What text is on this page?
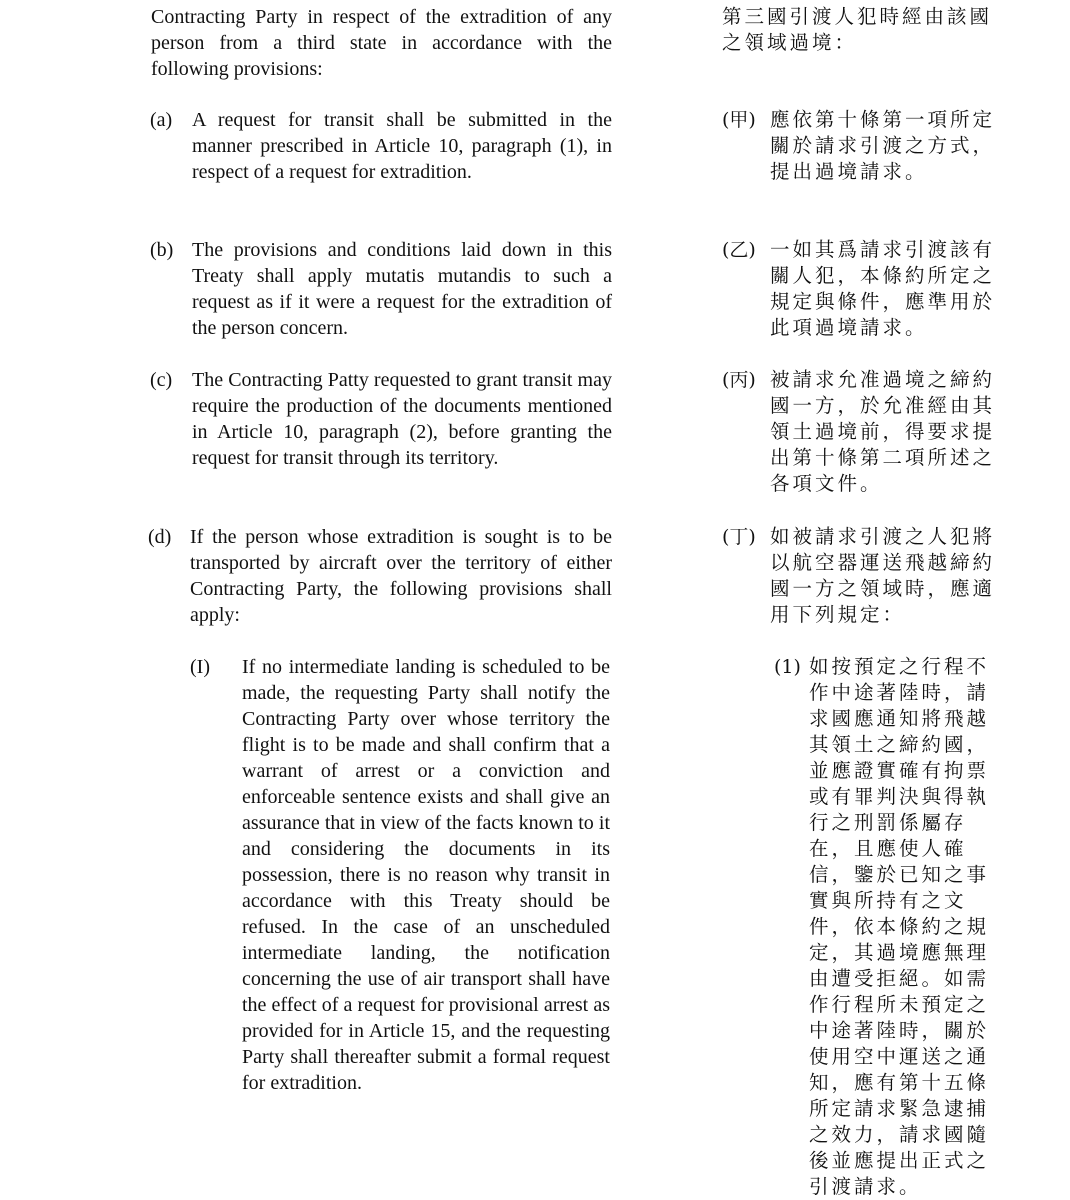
Contracting Party in respect of the extradition of any person from a third state in accordance with the following provisions:
(a) A request for transit shall be submitted in the manner prescribed in Article 10, paragraph (1), in respect of a request for extradition.
(b) The provisions and conditions laid down in this Treaty shall apply mutatis mutandis to such a request as if it were a request for the extradition of the person concern.
(c) The Contracting Patty requested to grant transit may require the production of the documents mentioned in Article 10, paragraph (2), before granting the request for transit through its territory.
(d) If the person whose extradition is sought is to be transported by aircraft over the territory of either Contracting Party, the following provisions shall apply:
(I) If no intermediate landing is scheduled to be made, the requesting Party shall notify the Contracting Party over whose territory the flight is to be made and shall confirm that a warrant of arrest or a conviction and enforceable sentence exists and shall give an assurance that in view of the facts known to it and considering the documents in its possession, there is no reason why transit in accordance with this Treaty should be refused. In the case of an unscheduled intermediate landing, the notification concerning the use of air transport shall have the effect of a request for provisional arrest as provided for in Article 15, and the requesting Party shall thereafter submit a formal request for extradition.
第三國引渡人犯時經由該國之領域過境：
(甲) 應依第十條第一項所定關於請求引渡之方式，提出過境請求。
(乙) 一如其爲請求引渡該有關人犯，本條約所定之規定與條件，應準用於此項過境請求。
(丙) 被請求允准過境之締約國一方，於允准經由其領土過境前，得要求提出第十條第二項所述之各項文件。
(丁) 如被請求引渡之人犯將以航空器運送飛越締約國一方之領域時，應適用下列規定：
(1) 如按預定之行程不作中途著陸時，請求國應通知將飛越其領土之締約國，並應證實確有拘票或有罪判決與得執行之刑罰係屬存在，且應使人確信，鑒於已知之事實與所持有之文件，依本條約之規定，其過境應無理由遭受拒絕。如需作行程所未預定之中途著陸時，關於使用空中運送之通知，應有第十五條所定請求緊急逮捕之效力，請求國隨後並應提出正式之引渡請求。
